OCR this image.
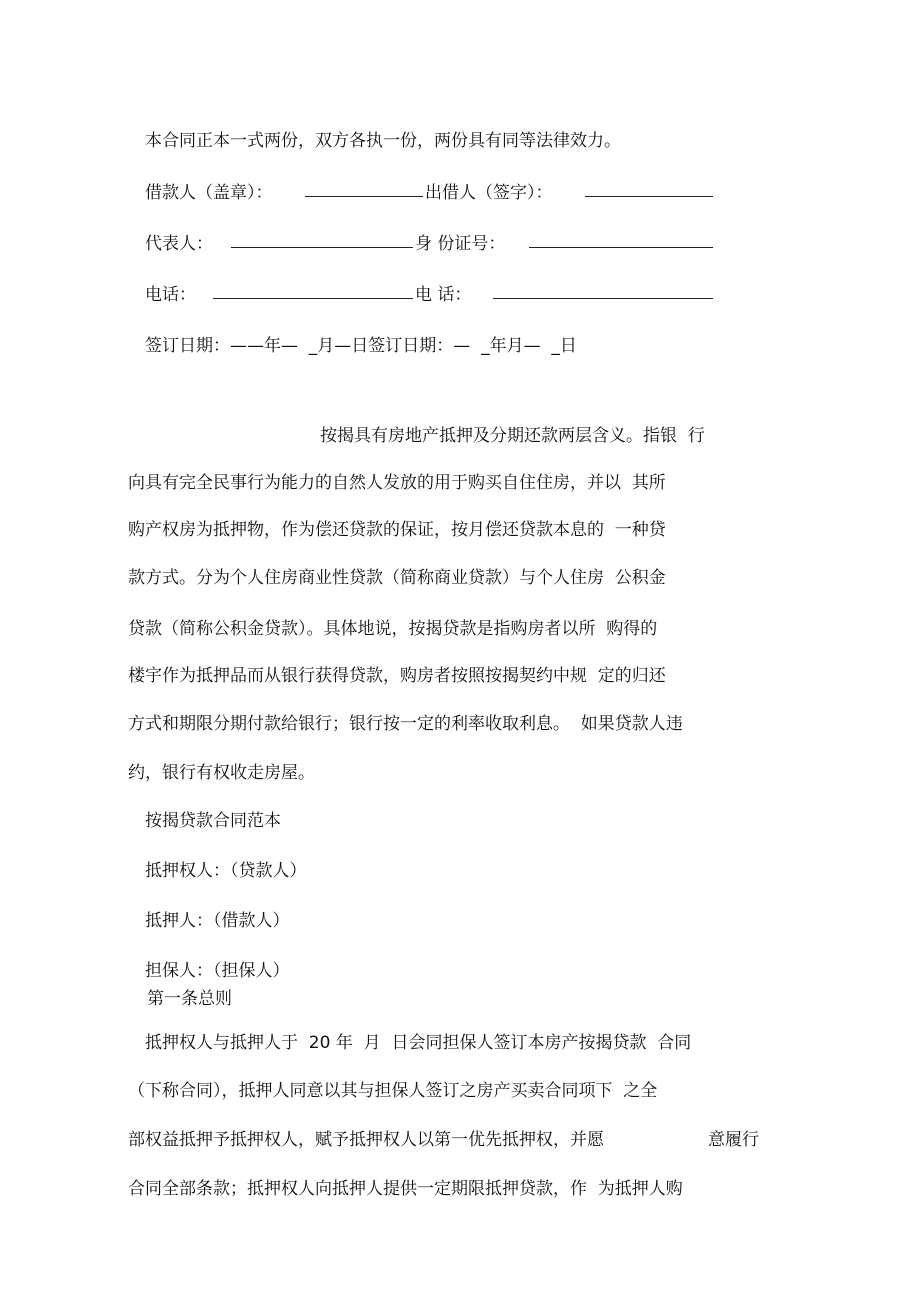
本合同正本一式两份，双方各执一份，两份具有同等法律效力。
借款人（盖章）：	出借人（签字）：
代表人：	身 份证号：
电话：	电 话：
签订日期：——年—  _月—日签订日期：—  _年月—  _日
按揭具有房地产抵押及分期还款两层含义。指银  行
向具有完全民事行为能力的自然人发放的用于购买自住住房，并以  其所
购产权房为抵押物，作为偿还贷款的保证，按月偿还贷款本息的  一种贷
款方式。分为个人住房商业性贷款（简称商业贷款）与个人住房  公积金
贷款（简称公积金贷款）。具体地说，按揭贷款是指购房者以所  购得的
楼宇作为抵押品而从银行获得贷款，购房者按照按揭契约中规  定的归还
方式和期限分期付款给银行；银行按一定的利率收取利息。  如果贷款人违
约，银行有权收走房屋。
按揭贷款合同范本
抵押权人：（贷款人）
抵押人：（借款人）
担保人：（担保人）
第一条总则
抵押权人与抵押人于  20 年  月  日会同担保人签订本房产按揭贷款  合同
（下称合同），抵押人同意以其与担保人签订之房产买卖合同项下  之全
部权益抵押予抵押权人，赋予抵押权人以第一优先抵押权，并愿	意履行
合同全部条款；抵押权人向抵押人提供一定期限抵押贷款，作  为抵押人购
